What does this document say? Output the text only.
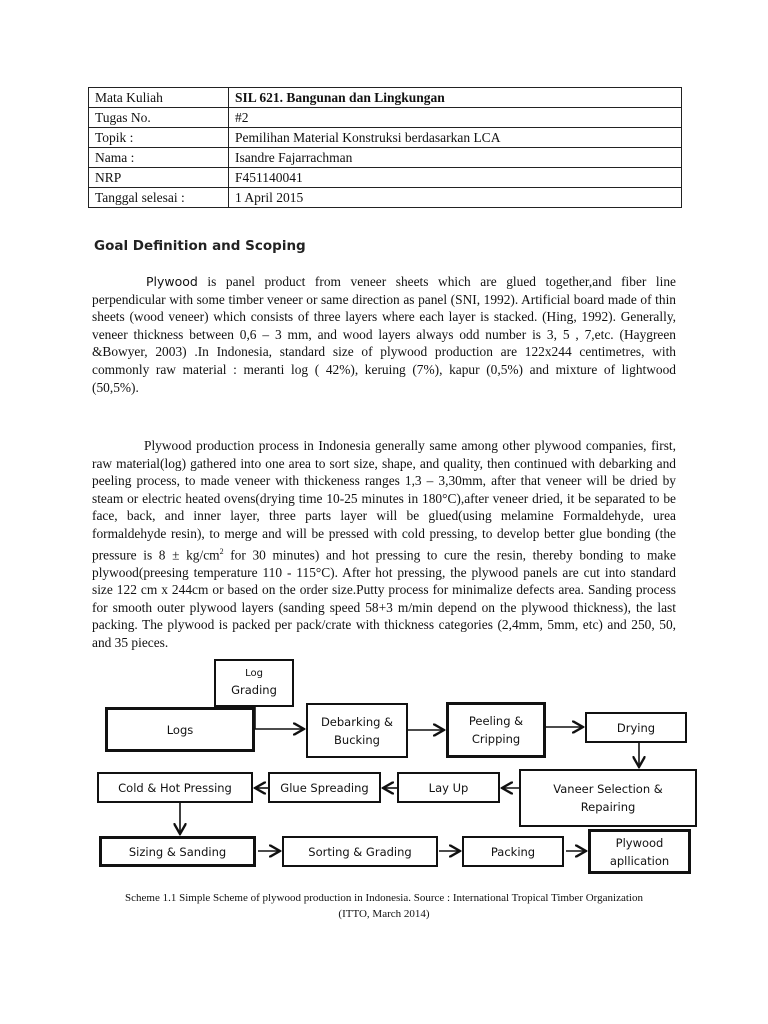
Mata Kuliah	SIL 621. Bangunan dan Lingkungan
Tugas No.	#2
Topik :	Pemilihan Material Konstruksi berdasarkan LCA
Nama :	Isandre Fajarrachman
NRP	F451140041
Tanggal selesai :	1 April 2015
Goal Definition and Scoping

Plywood is panel product from veneer sheets which are glued together,and fiber line perpendicular with some timber veneer or same direction as panel (SNI, 1992). Artificial board made of thin sheets (wood veneer) which consists of three layers where each layer is stacked. (Hing, 1992). Generally, veneer thickness between 0,6 – 3 mm, and wood layers always odd number is 3, 5 , 7,etc. (Haygreen &Bowyer, 2003) .In Indonesia, standard size of plywood production are 122x244 centimetres, with commonly raw material : meranti log ( 42%), keruing (7%), kapur (0,5%) and mixture of lightwood (50,5%).

Plywood production process in Indonesia generally same among other plywood companies, first, raw material(log) gathered into one area to sort size, shape, and quality, then continued with debarking and peeling process, to made veneer with thickeness ranges 1,3 – 3,30mm, after that veneer will be dried by steam or electric heated ovens(drying time 10-25 minutes in 180°C),after veneer dried, it be separated to be face, back, and inner layer, three parts layer will be glued(using melamine Formaldehyde, urea formaldehyde resin), to merge and will be pressed with cold pressing, to develop better glue bonding (the pressure is $8 \pm kg/cm^2$ for 30 minutes) and hot pressing to cure the resin, thereby bonding to make plywood(preesing temperature 110 - 115°C). After hot pressing, the plywood panels are cut into standard size 122 cm x 244cm or based on the order size.Putty process for minimalize defects area. Sanding process for smooth outer plywood layers (sanding speed 58+3 m/min depend on the plywood thickness), the last packing. The plywood is packed per pack/crate with thickness categories (2,4mm, 5mm, etc) and 250, 50, and 35 pieces.

Log
Grading
Logs
Debarking &
Bucking
Peeling &
Cripping
Drying
Cold & Hot Pressing	Glue Spreading	Lay Up	Vaneer Selection &
Repairing
Sizing & Sanding	Sorting & Grading	Packing
Plywood
apllication
Scheme 1.1 Simple Scheme of plywood production in Indonesia. Source : International Tropical Timber Organization
(ITTO, March 2014)
